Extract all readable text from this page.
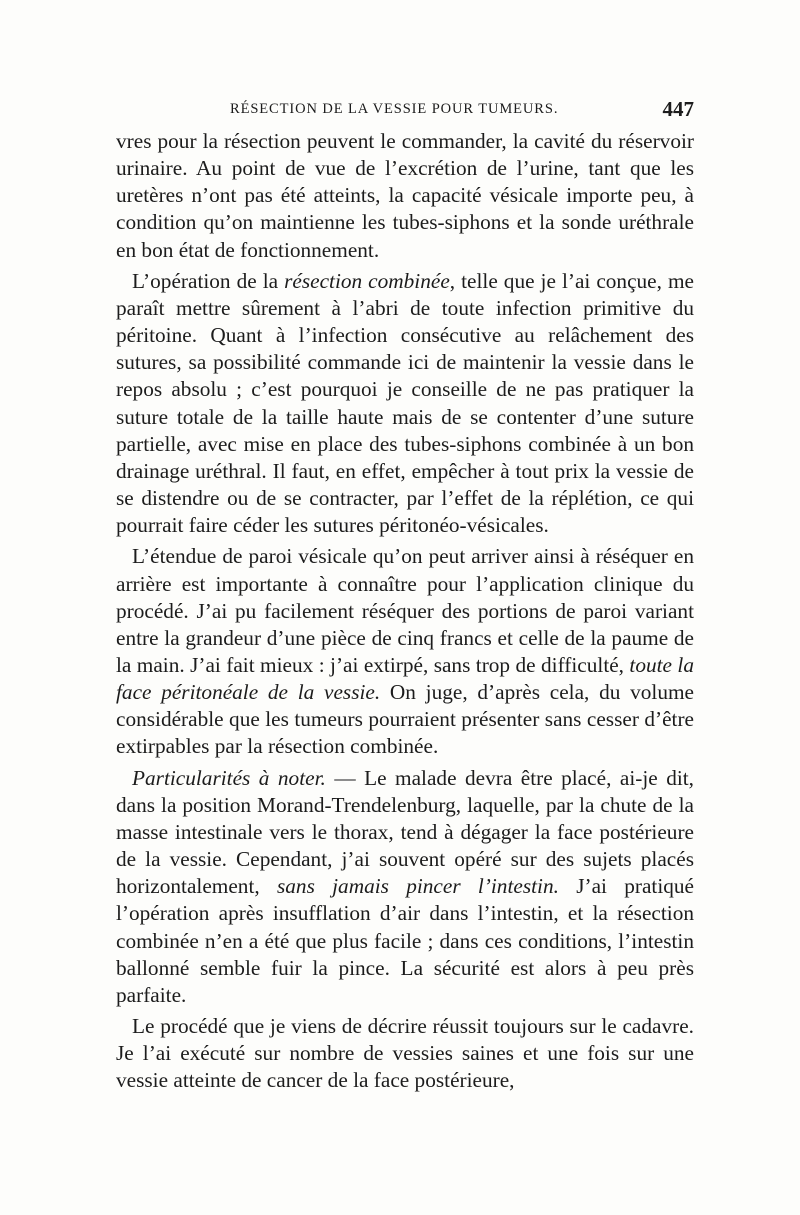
RÉSECTION DE LA VESSIE POUR TUMEURS.	447

vres pour la résection peuvent le commander, la cavité du réservoir urinaire. Au point de vue de l’excrétion de l’urine, tant que les uretères n’ont pas été atteints, la capacité vésicale importe peu, à condition qu’on maintienne les tubes-siphons et la sonde uréthrale en bon état de fonctionnement.

L’opération de la résection combinée, telle que je l’ai conçue, me paraît mettre sûrement à l’abri de toute infection primitive du péritoine. Quant à l’infection consécutive au relâchement des sutures, sa possibilité commande ici de maintenir la vessie dans le repos absolu ; c’est pourquoi je conseille de ne pas pratiquer la suture totale de la taille haute mais de se contenter d’une suture partielle, avec mise en place des tubes-siphons combinée à un bon drainage uréthral. Il faut, en effet, empêcher à tout prix la vessie de se distendre ou de se contracter, par l’effet de la réplétion, ce qui pourrait faire céder les sutures péritonéo-vésicales.

L’étendue de paroi vésicale qu’on peut arriver ainsi à réséquer en arrière est importante à connaître pour l’application clinique du procédé. J’ai pu facilement réséquer des portions de paroi variant entre la grandeur d’une pièce de cinq francs et celle de la paume de la main. J’ai fait mieux : j’ai extirpé, sans trop de difficulté, toute la face péritonéale de la vessie. On juge, d’après cela, du volume considérable que les tumeurs pourraient présenter sans cesser d’être extirpables par la résection combinée.

Particularités à noter. — Le malade devra être placé, ai-je dit, dans la position Morand-Trendelenburg, laquelle, par la chute de la masse intestinale vers le thorax, tend à dégager la face postérieure de la vessie. Cependant, j’ai souvent opéré sur des sujets placés horizontalement, sans jamais pincer l’intestin. J’ai pratiqué l’opération après insufflation d’air dans l’intestin, et la résection combinée n’en a été que plus facile ; dans ces conditions, l’intestin ballonné semble fuir la pince. La sécurité est alors à peu près parfaite.

Le procédé que je viens de décrire réussit toujours sur le cadavre. Je l’ai exécuté sur nombre de vessies saines et une fois sur une vessie atteinte de cancer de la face postérieure,
